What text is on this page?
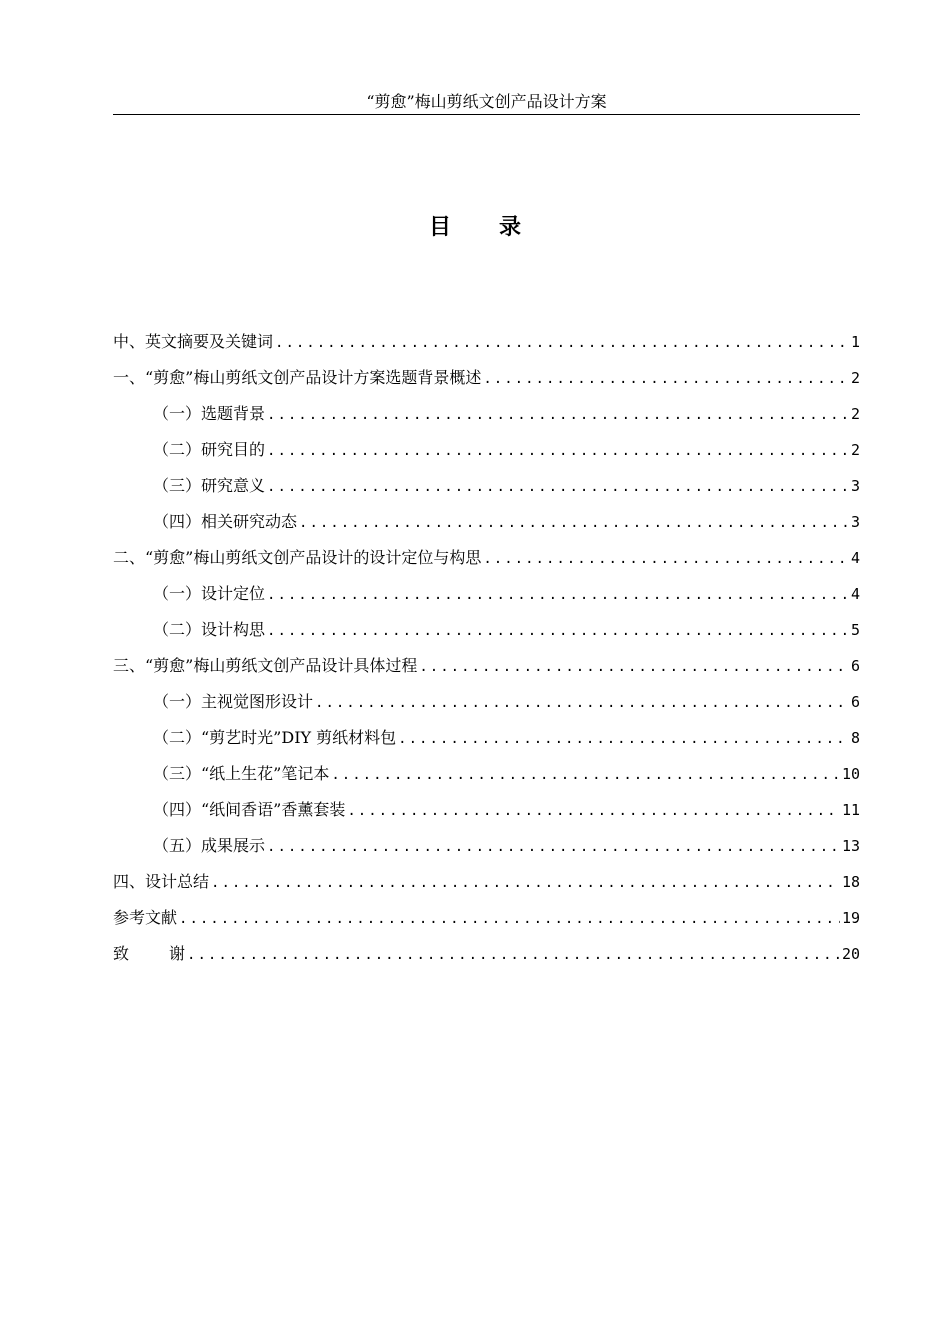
“剪愈”梅山剪纸文创产品设计方案
目 录
中、英文摘要及关键词 .....	1
一、“剪愈”梅山剪纸文创产品设计方案选题背景概述 .....	2
（一）选题背景 .....	2
（二）研究目的 .....	2
（三）研究意义 .....	3
（四）相关研究动态 .....	3
二、“剪愈”梅山剪纸文创产品设计的设计定位与构思 .....	4
（一）设计定位 .....	4
（二）设计构思 .....	5
三、“剪愈”梅山剪纸文创产品设计具体过程 .....	6
（一）主视觉图形设计 .....	6
（二）“剪艺时光”DIY 剪纸材料包 .....	8
（三）“纸上生花”笔记本 .....	10
（四）“纸间香语”香薰套装 .....	11
（五）成果展示 .....	13
四、设计总结 .....	18
参考文献 .....	19
致	谢 .....	20
